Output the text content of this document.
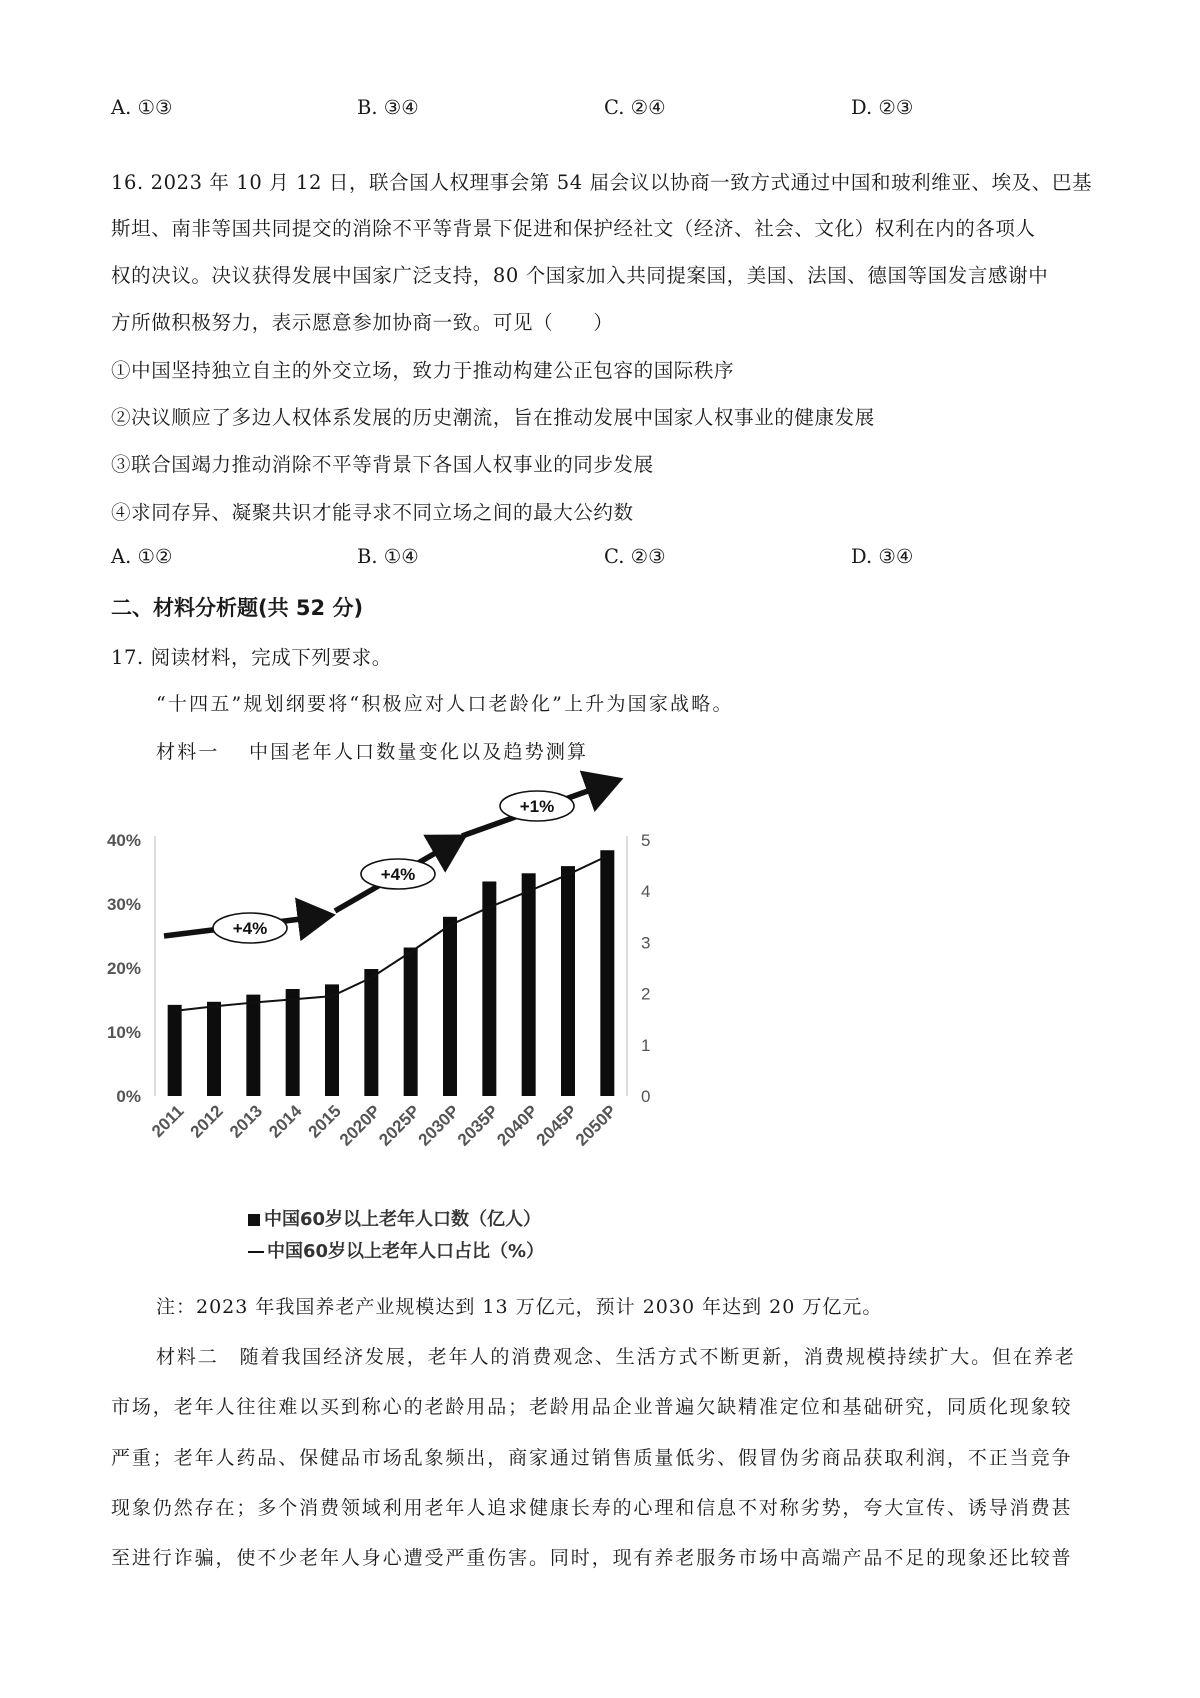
A. ①③	B. ③④	C. ②④	D. ②③
16. 2023 年 10 月 12 日，联合国人权理事会第 54 届会议以协商一致方式通过中国和玻利维亚、埃及、巴基
斯坦、南非等国共同提交的消除不平等背景下促进和保护经社文（经济、社会、文化）权利在内的各项人
权的决议。决议获得发展中国家广泛支持，80 个国家加入共同提案国，美国、法国、德国等国发言感谢中
方所做积极努力，表示愿意参加协商一致。可见（　　）
①中国坚持独立自主的外交立场，致力于推动构建公正包容的国际秩序
②决议顺应了多边人权体系发展的历史潮流，旨在推动发展中国家人权事业的健康发展
③联合国竭力推动消除不平等背景下各国人权事业的同步发展
④求同存异、凝聚共识才能寻求不同立场之间的最大公约数
A. ①②	B. ①④	C. ②③	D. ③④
二、材料分析题(共 52 分)
17. 阅读材料，完成下列要求。
“十四五”规划纲要将“积极应对人口老龄化”上升为国家战略。
材料一　 中国老年人口数量变化以及趋势测算
0%
10%
20%
30%
40%
0
1
2
3
4
5
2011 2012 2013 2014 2015
2020P
2025P
2030P
2035P
2040P
2045P
2050P
+4%
+4%
+1%
中国60岁以上老年人口数（亿人）
中国60岁以上老年人口占比（%）
注：2023 年我国养老产业规模达到 13 万亿元，预计 2030 年达到 20 万亿元。
材料二　随着我国经济发展，老年人的消费观念、生活方式不断更新，消费规模持续扩大。但在养老
市场，老年人往往难以买到称心的老龄用品；老龄用品企业普遍欠缺精准定位和基础研究，同质化现象较
严重；老年人药品、保健品市场乱象频出，商家通过销售质量低劣、假冒伪劣商品获取利润，不正当竞争
现象仍然存在；多个消费领域利用老年人追求健康长寿的心理和信息不对称劣势，夸大宣传、诱导消费甚
至进行诈骗，使不少老年人身心遭受严重伤害。同时，现有养老服务市场中高端产品不足的现象还比较普
